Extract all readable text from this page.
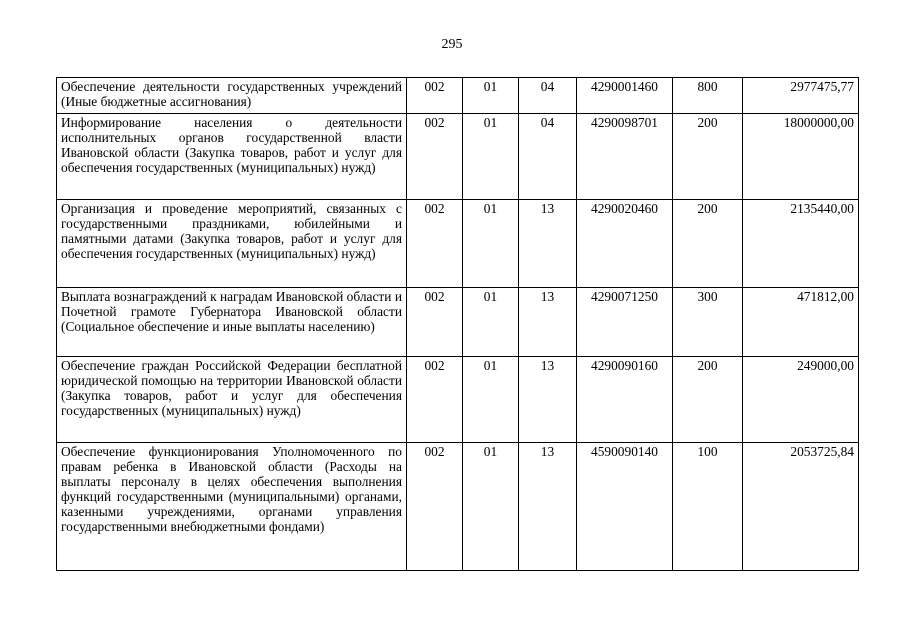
295
Обеспечение деятельности государственных учреждений (Иные бюджетные ассигнования)	002	01	04	4290001460	800	2977475,77
Информирование населения о деятельности исполнительных органов государственной власти Ивановской области (Закупка товаров, работ и услуг для обеспечения государственных (муниципальных) нужд)	002	01	04	4290098701	200	18000000,00
Организация и проведение мероприятий, связанных с государственными праздниками, юбилейными и памятными датами (Закупка товаров, работ и услуг для обеспечения государственных (муниципальных) нужд)	002	01	13	4290020460	200	2135440,00
Выплата вознаграждений к наградам Ивановской области и Почетной грамоте Губернатора Ивановской области (Социальное обеспечение и иные выплаты населению)	002	01	13	4290071250	300	471812,00
Обеспечение граждан Российской Федерации бесплатной юридической помощью на территории Ивановской области (Закупка товаров, работ и услуг для обеспечения государственных (муниципальных) нужд)	002	01	13	4290090160	200	249000,00
Обеспечение функционирования Уполномоченного по правам ребенка в Ивановской области (Расходы на выплаты персоналу в целях обеспечения выполнения функций государственными (муниципальными) органами, казенными учреждениями, органами управления государственными внебюджетными фондами)	002	01	13	4590090140	100	2053725,84
